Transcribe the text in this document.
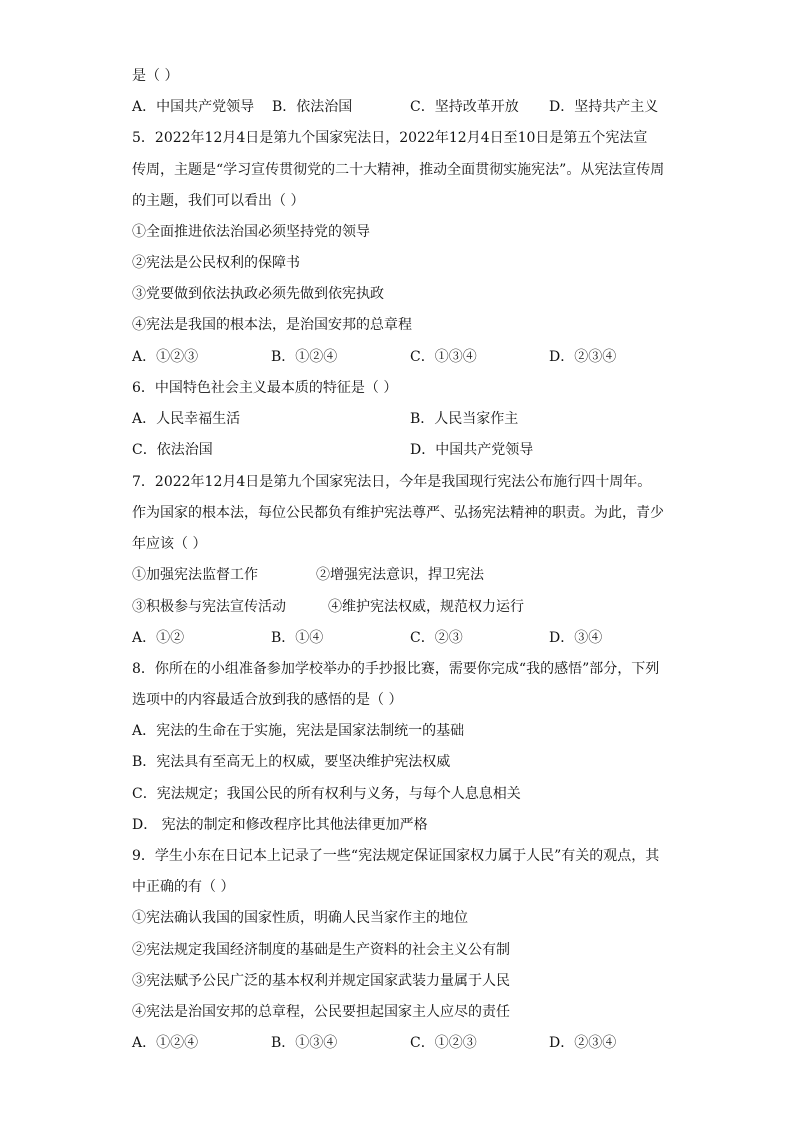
是（ ）
A．中国共产党领导 B．依法治国	C．坚持改革开放 D．坚持共产主义
5．2022年12月4日是第九个国家宪法日，2022年12月4日至10日是第五个宪法宣
传周，主题是“学习宣传贯彻党的二十大精神，推动全面贯彻实施宪法”。从宪法宣传周
的主题，我们可以看出（ ）
①全面推进依法治国必须坚持党的领导
②宪法是公民权利的保障书
③党要做到依法执政必须先做到依宪执政
④宪法是我国的根本法，是治国安邦的总章程
A．①②③	B．①②④	C．①③④	D．②③④
6．中国特色社会主义最本质的特征是（ ）
A．人民幸福生活	B．人民当家作主
C．依法治国	D．中国共产党领导
7．2022年12月4日是第九个国家宪法日，今年是我国现行宪法公布施行四十周年。
作为国家的根本法，每位公民都负有维护宪法尊严、弘扬宪法精神的职责。为此，青少
年应该（ ）
①加强宪法监督工作	②增强宪法意识，捍卫宪法
③积极参与宪法宣传活动	④维护宪法权威，规范权力运行
A．①②	B．①④	C．②③	D．③④
8．你所在的小组准备参加学校举办的手抄报比赛，需要你完成“我的感悟”部分，下列
选项中的内容最适合放到我的感悟的是（ ）
A．宪法的生命在于实施，宪法是国家法制统一的基础
B．宪法具有至高无上的权威，要坚决维护宪法权威
C．宪法规定；我国公民的所有权利与义务，与每个人息息相关
D． 宪法的制定和修改程序比其他法律更加严格
9．学生小东在日记本上记录了一些“宪法规定保证国家权力属于人民”有关的观点，其
中正确的有（ ）
①宪法确认我国的国家性质，明确人民当家作主的地位
②宪法规定我国经济制度的基础是生产资料的社会主义公有制
③宪法赋予公民广泛的基本权利并规定国家武装力量属于人民
④宪法是治国安邦的总章程，公民要担起国家主人应尽的责任
A．①②④	B．①③④	C．①②③	D．②③④
